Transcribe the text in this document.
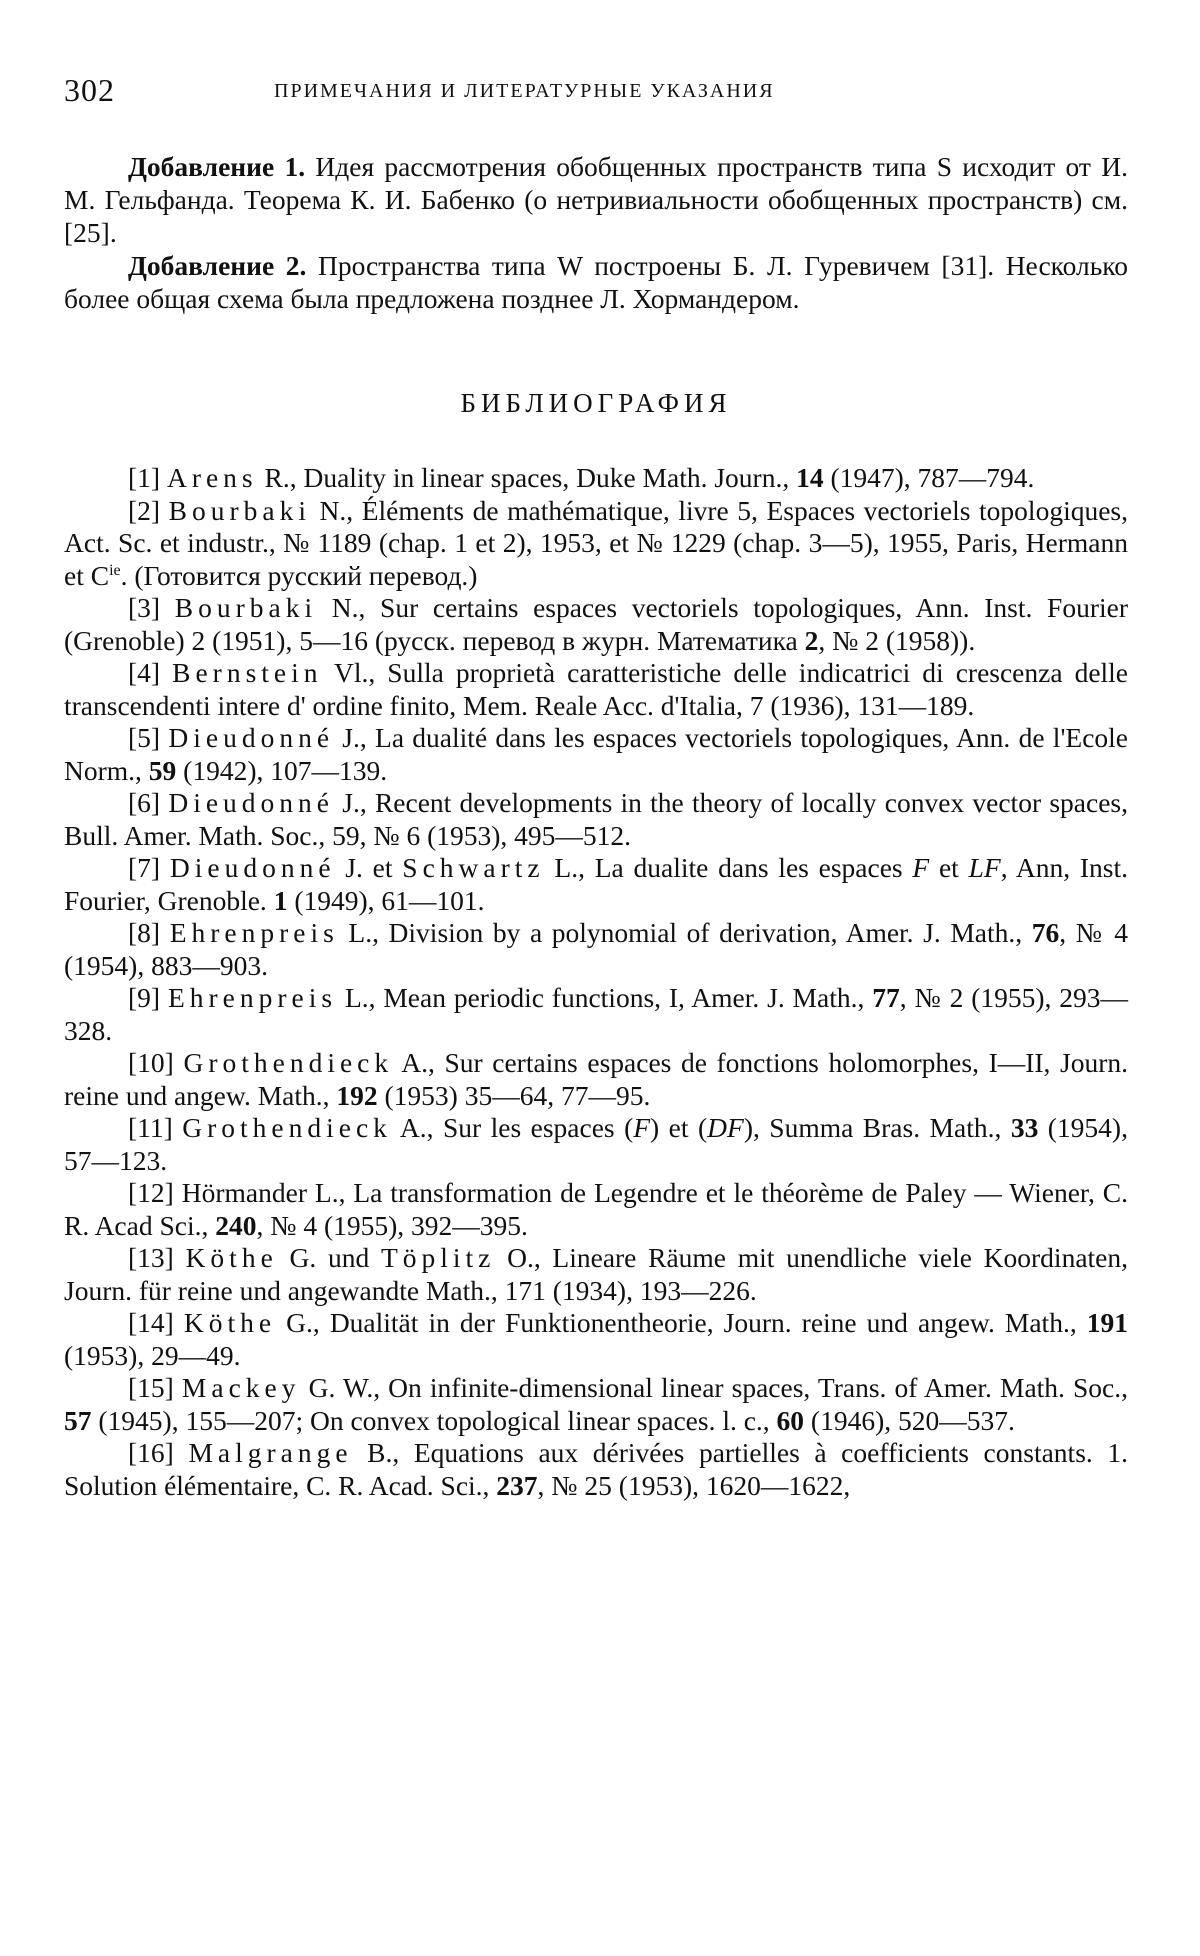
302	ПРИМЕЧАНИЯ И ЛИТЕРАТУРНЫЕ УКАЗАНИЯ

Добавление 1. Идея рассмотрения обобщенных пространств типа S исходит от И. М. Гельфанда. Теорема К. И. Бабенко (о нетривиальности обобщенных пространств) см. [25].

Добавление 2. Пространства типа W построены Б. Л. Гуревичем [31]. Несколько более общая схема была предложена позднее Л. Хормандером.

БИБЛИОГРАФИЯ

[1] Arens R., Duality in linear spaces, Duke Math. Journ., 14 (1947), 787—794.

[2] Bourbaki N., Éléments de mathématique, livre 5, Espaces vectoriels topologiques, Act. Sc. et industr., № 1189 (chap. 1 et 2), 1953, et № 1229 (chap. 3—5), 1955, Paris, Hermann et $C^{ie}$. (Готовится русский перевод.)

[3] Bourbaki N., Sur certains espaces vectoriels topologiques, Ann. Inst. Fourier (Grenoble) 2 (1951), 5—16 (русск. перевод в журн. Математика 2, № 2 (1958)).

[4] Bernstein Vl., Sulla proprietà caratteristiche delle indicatrici di crescenza delle transcendenti intere d' ordine finito, Mem. Reale Acc. d'Italia, 7 (1936), 131—189.

[5] Dieudonné J., La dualité dans les espaces vectoriels topologiques, Ann. de l'Ecole Norm., 59 (1942), 107—139.

[6] Dieudonné J., Recent developments in the theory of locally convex vector spaces, Bull. Amer. Math. Soc., 59, № 6 (1953), 495—512.

[7] Dieudonné J. et Schwartz L., La dualite dans les espaces F et LF, Ann, Inst. Fourier, Grenoble. 1 (1949), 61—101.

[8] Ehrenpreis L., Division by a polynomial of derivation, Amer. J. Math., 76, № 4 (1954), 883—903.

[9] Ehrenpreis L., Mean periodic functions, I, Amer. J. Math., 77, № 2 (1955), 293—328.

[10] Grothendieck A., Sur certains espaces de fonctions holomorphes, I—II, Journ. reine und angew. Math., 192 (1953) 35—64, 77—95.

[11] Grothendieck A., Sur les espaces (F) et (DF), Summa Bras. Math., 33 (1954), 57—123.

[12] Hörmander L., La transformation de Legendre et le théorème de Paley — Wiener, C. R. Acad Sci., 240, № 4 (1955), 392—395.

[13] Köthe G. und Töplitz O., Lineare Räume mit unendliche viele Koordinaten, Journ. für reine und angewandte Math., 171 (1934), 193—226.

[14] Köthe G., Dualität in der Funktionentheorie, Journ. reine und angew. Math., 191 (1953), 29—49.

[15] Mackey G. W., On infinite-dimensional linear spaces, Trans. of Amer. Math. Soc., 57 (1945), 155—207; On convex topological linear spaces. l. c., 60 (1946), 520—537.

[16] Malgrange B., Equations aux dérivées partielles à coefficients constants. 1. Solution élémentaire, C. R. Acad. Sci., 237, № 25 (1953), 1620—1622,
